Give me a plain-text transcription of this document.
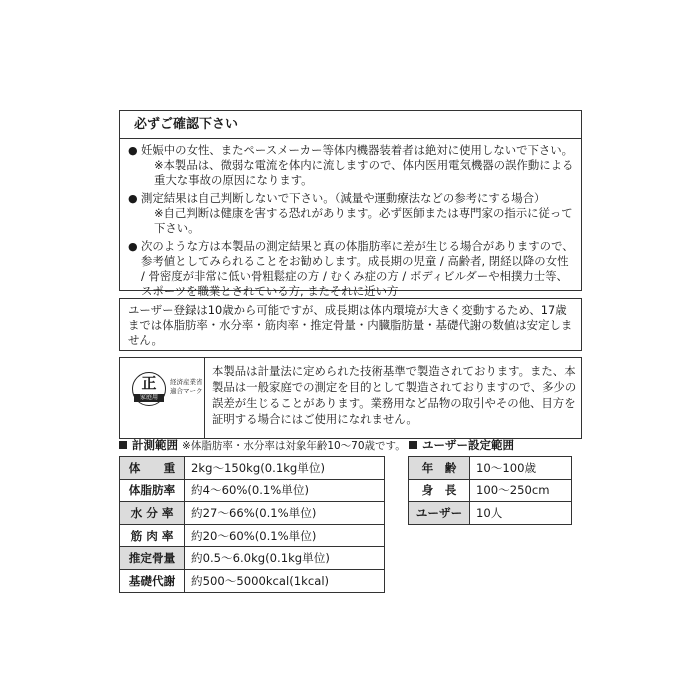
必ずご確認下さい
● 妊娠中の女性、またペースメーカー等体内機器装着者は絶対に使用しないで下さい。
※本製品は、微弱な電流を体内に流しますので、体内医用電気機器の誤作動による重大な事故の原因になります。
● 測定結果は自己判断しないで下さい。（減量や運動療法などの参考にする場合）
※自己判断は健康を害する恐れがあります。必ず医師または専門家の指示に従って下さい。
● 次のような方は本製品の測定結果と真の体脂肪率に差が生じる場合がありますので、参考値としてみられることをお勧めします。成長期の児童 / 高齢者, 閉経以降の女性 / 骨密度が非常に低い骨粗鬆症の方 / むくみ症の方 / ボディビルダーや相撲力士等、スポーツを職業とされている方, またそれに近い方
ユーザー登録は10歳から可能ですが、成長期は体内環境が大きく変動するため、17歳までは体脂肪率・水分率・筋肉率・推定骨量・内臓脂肪量・基礎代謝の数値は安定しません。
正
家庭用
経済産業省
適合マーク
本製品は計量法に定められた技術基準で製造されております。また、本製品は一般家庭での測定を目的として製造されておりますので、多少の誤差が生じることがあります。業務用など品物の取引やその他、目方を証明する場合にはご使用になれません。
計測範囲 ※体脂肪率・水分率は対象年齢10〜70歳です。	ユーザー設定範囲
体　　重	2kg〜150kg(0.1kg単位)
体脂肪率	約4〜60%(0.1%単位)
水 分 率	約27〜66%(0.1%単位)
筋 肉 率	約20〜60%(0.1%単位)
推定骨量	約0.5〜6.0kg(0.1kg単位)
基礎代謝	約500〜5000kcal(1kcal)
年　齢	10〜100歳
身　長	100〜250cm
ユーザー	10人
